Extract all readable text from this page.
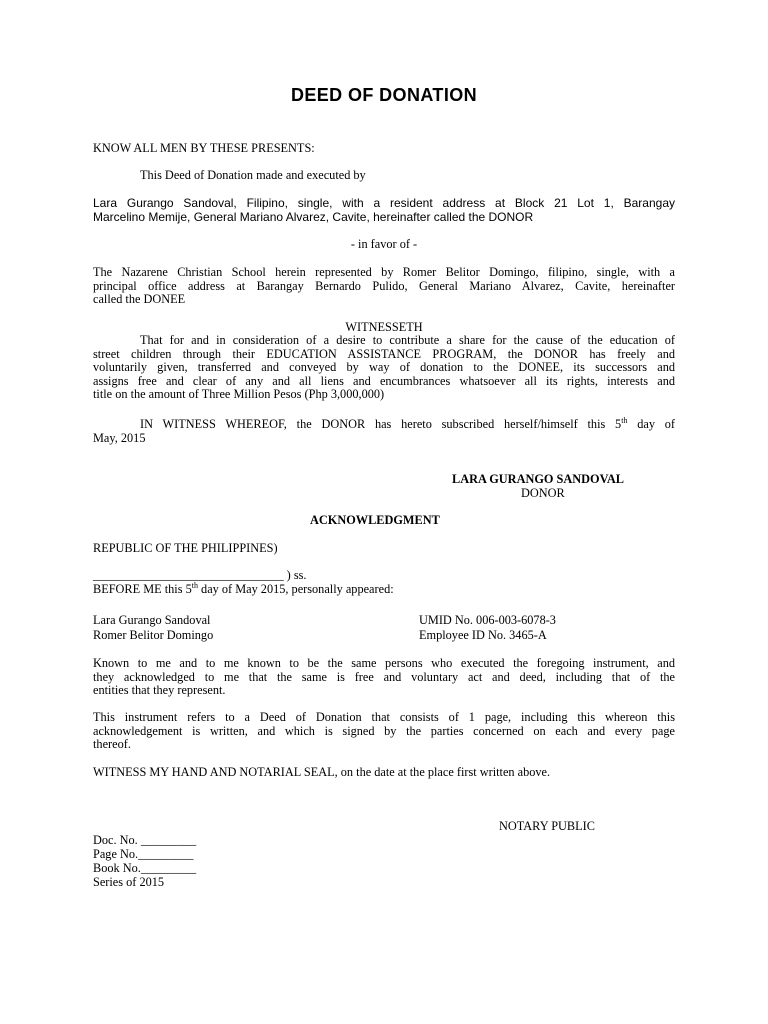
DEED OF DONATION
KNOW ALL MEN BY THESE PRESENTS:
This Deed of Donation made and executed by
Lara Gurango Sandoval, Filipino, single, with a resident address at Block 21 Lot 1, Barangay
Marcelino Memije, General Mariano Alvarez, Cavite, hereinafter called the DONOR
- in favor of -
The Nazarene Christian School herein represented by Romer Belitor Domingo, filipino, single, with a
principal office address at Barangay Bernardo Pulido, General Mariano Alvarez, Cavite, hereinafter
called the DONEE
WITNESSETH
That for and in consideration of a desire to contribute a share for the cause of the education of
street children through their EDUCATION ASSISTANCE PROGRAM, the DONOR has freely and
voluntarily given, transferred and conveyed by way of donation to the DONEE, its successors and
assigns free and clear of any and all liens and encumbrances whatsoever all its rights, interests and
title on the amount of Three Million Pesos (Php 3,000,000)
IN WITNESS WHEREOF, the DONOR has hereto subscribed herself/himself this 5th day of
May, 2015
LARA GURANGO SANDOVAL
DONOR
ACKNOWLEDGMENT
REPUBLIC OF THE PHILIPPINES)
_______________________________ ) ss.
BEFORE ME this 5th day of May 2015, personally appeared:
Lara Gurango Sandoval	UMID No. 006-003-6078-3
Romer Belitor Domingo	Employee ID No. 3465-A
Known to me and to me known to be the same persons who executed the foregoing instrument, and
they acknowledged to me that the same is free and voluntary act and deed, including that of the
entities that they represent.
This instrument refers to a Deed of Donation that consists of 1 page, including this whereon this
acknowledgement is written, and which is signed by the parties concerned on each and every page
thereof.
WITNESS MY HAND AND NOTARIAL SEAL, on the date at the place first written above.
NOTARY PUBLIC
Doc. No. _________
Page No._________
Book No._________
Series of 2015
